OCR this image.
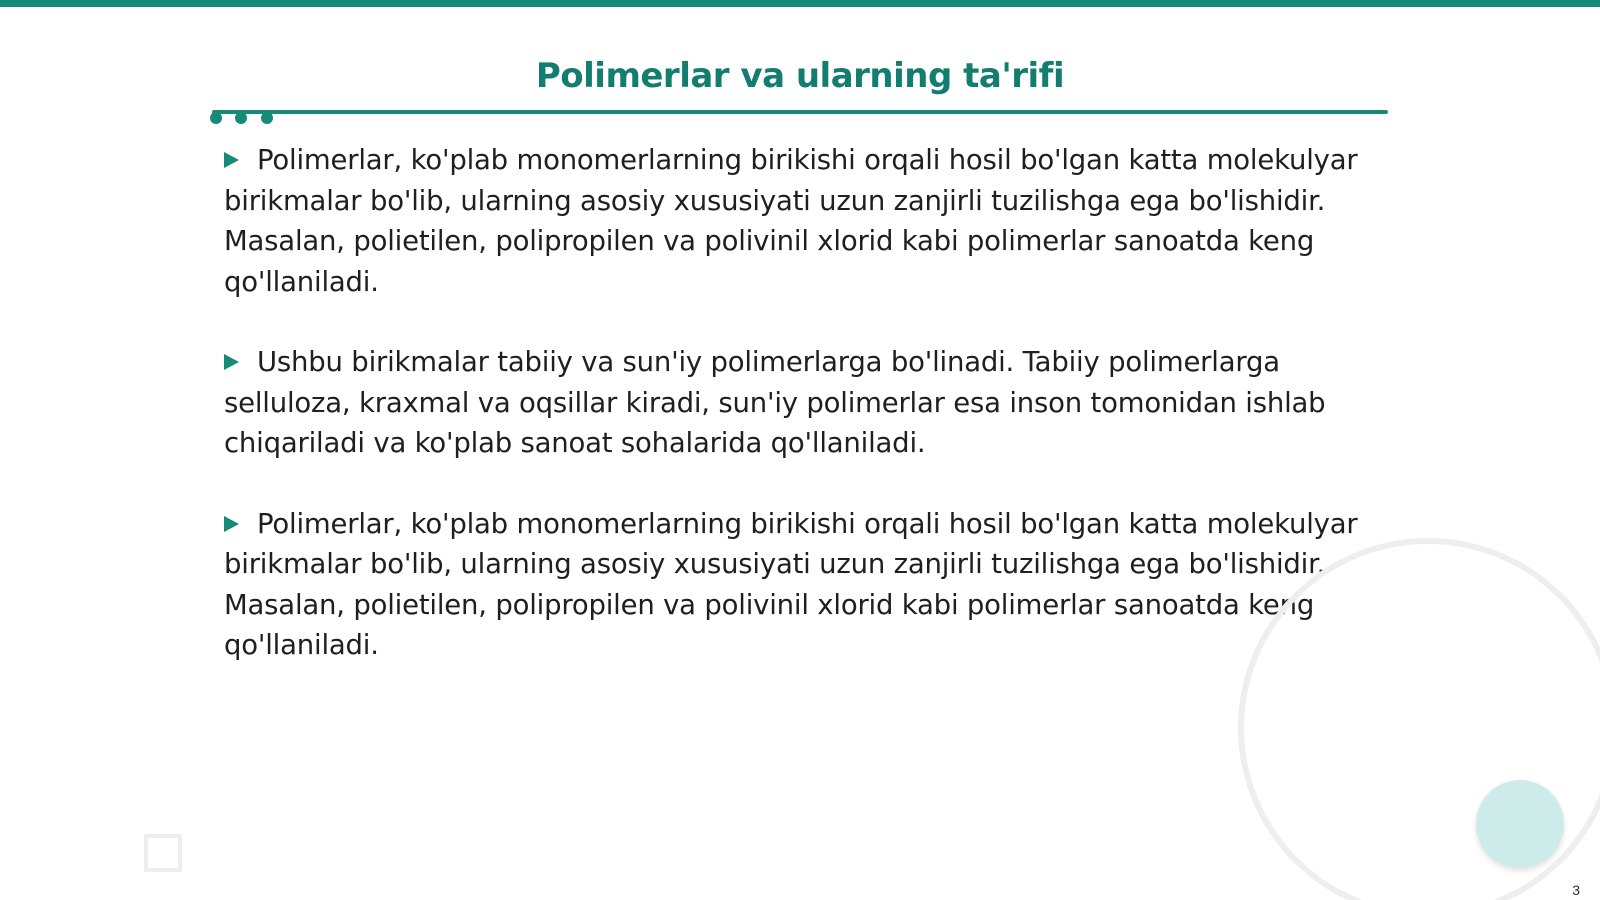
Polimerlar va ularning ta'rifi
Polimerlar, ko'plab monomerlarning birikishi orqali hosil bo'lgan katta molekulyar birikmalar bo'lib, ularning asosiy xususiyati uzun zanjirli tuzilishga ega bo'lishidir. Masalan, polietilen, polipropilen va polivinil xlorid kabi polimerlar sanoatda keng qo'llaniladi.
Ushbu birikmalar tabiiy va sun'iy polimerlarga bo'linadi. Tabiiy polimerlarga selluloza, kraxmal va oqsillar kiradi, sun'iy polimerlar esa inson tomonidan ishlab chiqariladi va ko'plab sanoat sohalarida qo'llaniladi.
Polimerlar, ko'plab monomerlarning birikishi orqali hosil bo'lgan katta molekulyar birikmalar bo'lib, ularning asosiy xususiyati uzun zanjirli tuzilishga ega bo'lishidir. Masalan, polietilen, polipropilen va polivinil xlorid kabi polimerlar sanoatda keng qo'llaniladi.
3
